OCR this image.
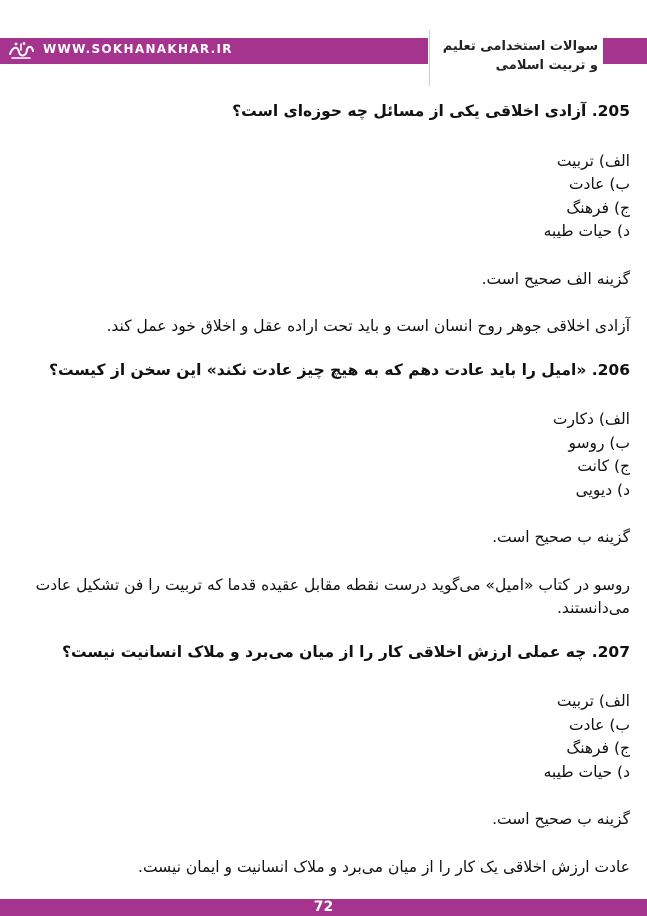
WWW.SOKHANAKHAR.IR	سوالات استخدامی تعلیم
و تربیت اسلامی
205. آزادی اخلاقی یکی از مسائل چه حوزه‌ای است؟
الف) تربیت
ب) عادت
ج) فرهنگ
د) حیات طیبه
گزینه الف صحیح است.
آزادی اخلاقی جوهر روح انسان است و باید تحت اراده عقل و اخلاق خود عمل کند.
206. «امیل را باید عادت دهم که به هیچ چیز عادت نکند» این سخن از کیست؟
الف) دکارت
ب) روسو
ج) کانت
د) دیویی
گزینه ب صحیح است.
روسو در کتاب «امیل» می‌گوید درست نقطه مقابل عقیده قدما که تربیت را فن تشکیل عادت می‌دانستند.
207. چه عملی ارزش اخلاقی کار را از میان می‌برد و ملاک انسانیت نیست؟
الف) تربیت
ب) عادت
ج) فرهنگ
د) حیات طیبه
گزینه ب صحیح است.
عادت ارزش اخلاقی یک کار را از میان می‌برد و ملاک انسانیت و ایمان نیست.
72
